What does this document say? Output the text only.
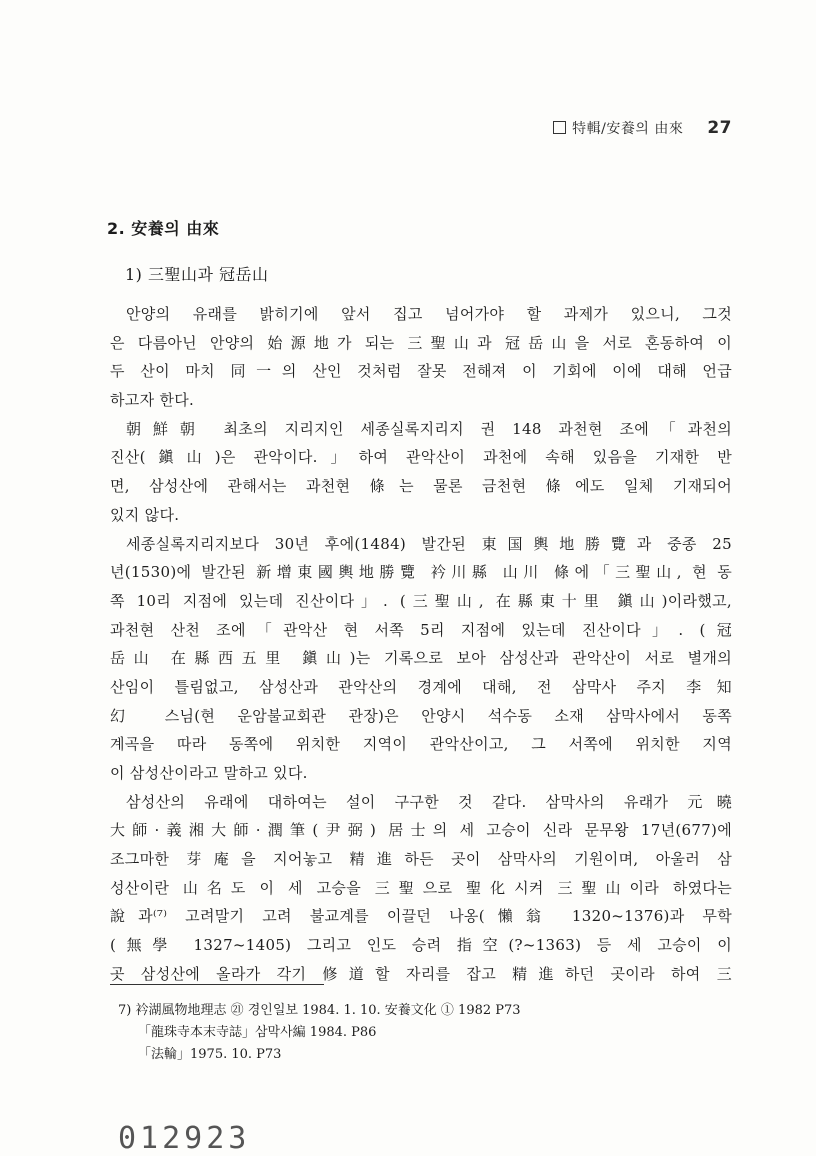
特輯/安養의 由來 27
2. 安養의 由來
1) 三聖山과 冠岳山
안양의 유래를 밝히기에 앞서 집고 넘어가야 할 과제가 있으니, 그것
은 다름아닌 안양의 始源地가 되는 三聖山과 冠岳山을 서로 혼동하여 이
두 산이 마치 同一의 산인 것처럼 잘못 전해져 이 기회에 이에 대해 언급
하고자 한다.
朝鮮朝 최초의 지리지인 세종실록지리지 권 148 과천현 조에「과천의
진산(鎭山)은 관악이다.」하여 관악산이 과천에 속해 있음을 기재한 반
면, 삼성산에 관해서는 과천현 條는 물론 금천현 條에도 일체 기재되어
있지 않다.
세종실록지리지보다 30년 후에(1484) 발간된 東国輿地勝覽과 중종 25
년(1530)에 발간된 新增東國輿地勝覽 衿川縣 山川 條에「三聖山, 현 동
쪽 10리 지점에 있는데 진산이다」. (三聖山, 在縣東十里 鎭山)이라했고,
과천현 산천 조에「관악산 현 서쪽 5리 지점에 있는데 진산이다」. (冠
岳山 在縣西五里 鎭山)는 기록으로 보아 삼성산과 관악산이 서로 별개의
산임이 틀림없고, 삼성산과 관악산의 경계에 대해, 전 삼막사 주지 李知
幻 스님(현 운암불교회관 관장)은 안양시 석수동 소재 삼막사에서 동쪽
계곡을 따라 동쪽에 위치한 지역이 관악산이고, 그 서쪽에 위치한 지역
이 삼성산이라고 말하고 있다.
삼성산의 유래에 대하여는 설이 구구한 것 같다. 삼막사의 유래가 元曉
大師·義湘大師·潤筆(尹弼) 居士의 세 고승이 신라 문무왕 17년(677)에
조그마한 芽庵을 지어놓고 精進하든 곳이 삼막사의 기원이며, 아울러 삼
성산이란 山名도 이 세 고승을 三聖으로 聖化시켜 三聖山이라 하였다는
說과⁽⁷⁾ 고려말기 고려 불교계를 이끌던 나옹(懶翁 1320~1376)과 무학
(無學 1327~1405) 그리고 인도 승려 指空(?~1363) 등 세 고승이 이
곳 삼성산에 올라가 각기 修道할 자리를 잡고 精進하던 곳이라 하여 三
7) 衿湖風物地理志 ㉑ 경인일보 1984. 1. 10. 安養文化 ① 1982 P73
「龍珠寺本末寺誌」삼막사編 1984. P86
「法輪」1975. 10. P73
012923
